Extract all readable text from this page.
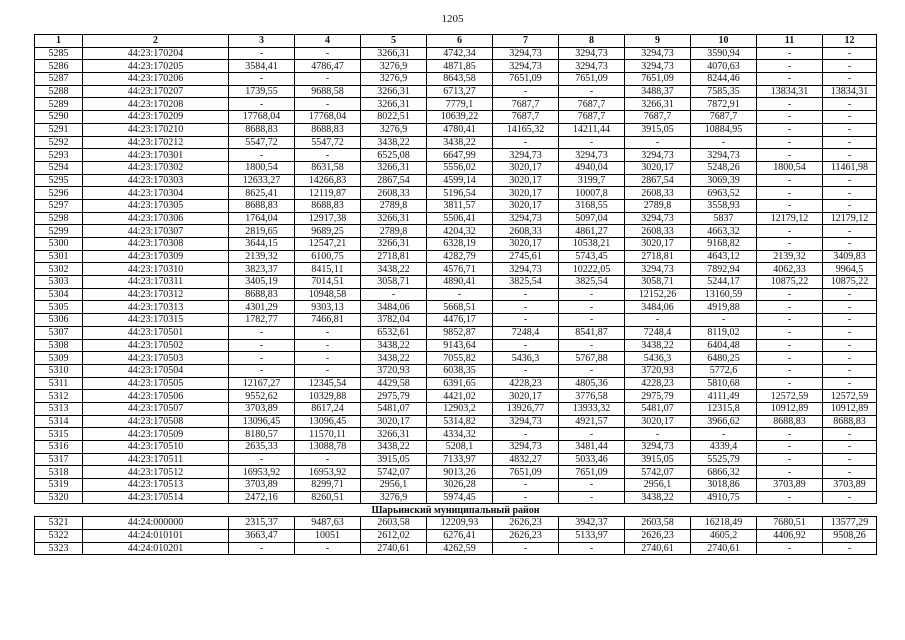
1205
1	2	3	4	5	6	7	8	9	10	11	12
5285	44:23:170204	-	-	3266,31	4742,34	3294,73	3294,73	3294,73	3590,94	-	-
5286	44:23:170205	3584,41	4786,47	3276,9	4871,85	3294,73	3294,73	3294,73	4070,63	-	-
5287	44:23:170206	-	-	3276,9	8643,58	7651,09	7651,09	7651,09	8244,46	-	-
5288	44:23:170207	1739,55	9688,58	3266,31	6713,27	-	-	3488,37	7585,35	13834,31	13834,31
5289	44:23:170208	-	-	3266,31	7779,1	7687,7	7687,7	3266,31	7872,91	-	-
5290	44:23:170209	17768,04	17768,04	8022,51	10639,22	7687,7	7687,7	7687,7	7687,7	-	-
5291	44:23:170210	8688,83	8688,83	3276,9	4780,41	14165,32	14211,44	3915,05	10884,95	-	-
5292	44:23:170212	5547,72	5547,72	3438,22	3438,22	-	-	-	-	-	-
5293	44:23:170301	-	-	6525,08	6647,99	3294,73	3294,73	3294,73	3294,73	-	-
5294	44:23:170302	1800,54	8631,58	3266,31	5556,02	3020,17	4940,04	3020,17	5248,26	1800,54	11461,98
5295	44:23:170303	12633,27	14266,83	2867,54	4599,14	3020,17	3199,7	2867,54	3069,39	-	-
5296	44:23:170304	8625,41	12119,87	2608,33	5196,54	3020,17	10007,8	2608,33	6963,52	-	-
5297	44:23:170305	8688,83	8688,83	2789,8	3811,57	3020,17	3168,55	2789,8	3558,93	-	-
5298	44:23:170306	1764,04	12917,38	3266,31	5506,41	3294,73	5097,04	3294,73	5837	12179,12	12179,12
5299	44:23:170307	2819,65	9689,25	2789,8	4204,32	2608,33	4861,27	2608,33	4663,32	-	-
5300	44:23:170308	3644,15	12547,21	3266,31	6328,19	3020,17	10538,21	3020,17	9168,82	-	-
5301	44:23:170309	2139,32	6100,75	2718,81	4282,79	2745,61	5743,45	2718,81	4643,12	2139,32	3409,83
5302	44:23:170310	3823,37	8415,11	3438,22	4576,71	3294,73	10222,05	3294,73	7892,94	4062,33	9964,5
5303	44:23:170311	3405,19	7014,51	3058,71	4890,41	3825,54	3825,54	3058,71	5244,17	10875,22	10875,22
5304	44:23:170312	8688,83	10948,58	-	-	-	-	12152,26	13160,59	-	-
5305	44:23:170313	4301,29	9303,13	3484,06	5668,51	-	-	3484,06	4919,88	-	-
5306	44:23:170315	1782,77	7466,81	3782,04	4476,17	-	-	-	-	-	-
5307	44:23:170501	-	-	6532,61	9852,87	7248,4	8541,87	7248,4	8119,02	-	-
5308	44:23:170502	-	-	3438,22	9143,64	-	-	3438,22	6404,48	-	-
5309	44:23:170503	-	-	3438,22	7055,82	5436,3	5767,88	5436,3	6480,25	-	-
5310	44:23:170504	-	-	3720,93	6038,35	-	-	3720,93	5772,6	-	-
5311	44:23:170505	12167,27	12345,54	4429,58	6391,65	4228,23	4805,36	4228,23	5810,68	-	-
5312	44:23:170506	9552,62	10329,88	2975,79	4421,02	3020,17	3776,58	2975,79	4111,49	12572,59	12572,59
5313	44:23:170507	3703,89	8617,24	5481,07	12903,2	13926,77	13933,32	5481,07	12315,8	10912,89	10912,89
5314	44:23:170508	13096,45	13096,45	3020,17	5314,82	3294,73	4921,57	3020,17	3966,62	8688,83	8688,83
5315	44:23:170509	8180,57	11570,11	3266,31	4334,32	-	-	-	-	-	-
5316	44:23:170510	2635,33	13088,78	3438,22	5208,1	3294,73	3481,44	3294,73	4339,4	-	-
5317	44:23:170511	-	-	3915,05	7133,97	4832,27	5033,46	3915,05	5525,79	-	-
5318	44:23:170512	16953,92	16953,92	5742,07	9013,26	7651,09	7651,09	5742,07	6866,32	-	-
5319	44:23:170513	3703,89	8299,71	2956,1	3026,28	-	-	2956,1	3018,86	3703,89	3703,89
5320	44:23:170514	2472,16	8260,51	3276,9	5974,45	-	-	3438,22	4910,75	-	-
Шарьинский муниципальный район											
5321	44:24:000000	2315,37	9487,63	2603,58	12209,93	2626,23	3942,37	2603,58	16218,49	7680,51	13577,29
5322	44:24:010101	3663,47	10051	2612,02	6276,41	2626,23	5133,97	2626,23	4605,2	4406,92	9508,26
5323	44:24:010201	-	-	2740,61	4262,59	-	-	2740,61	2740,61	-	-
